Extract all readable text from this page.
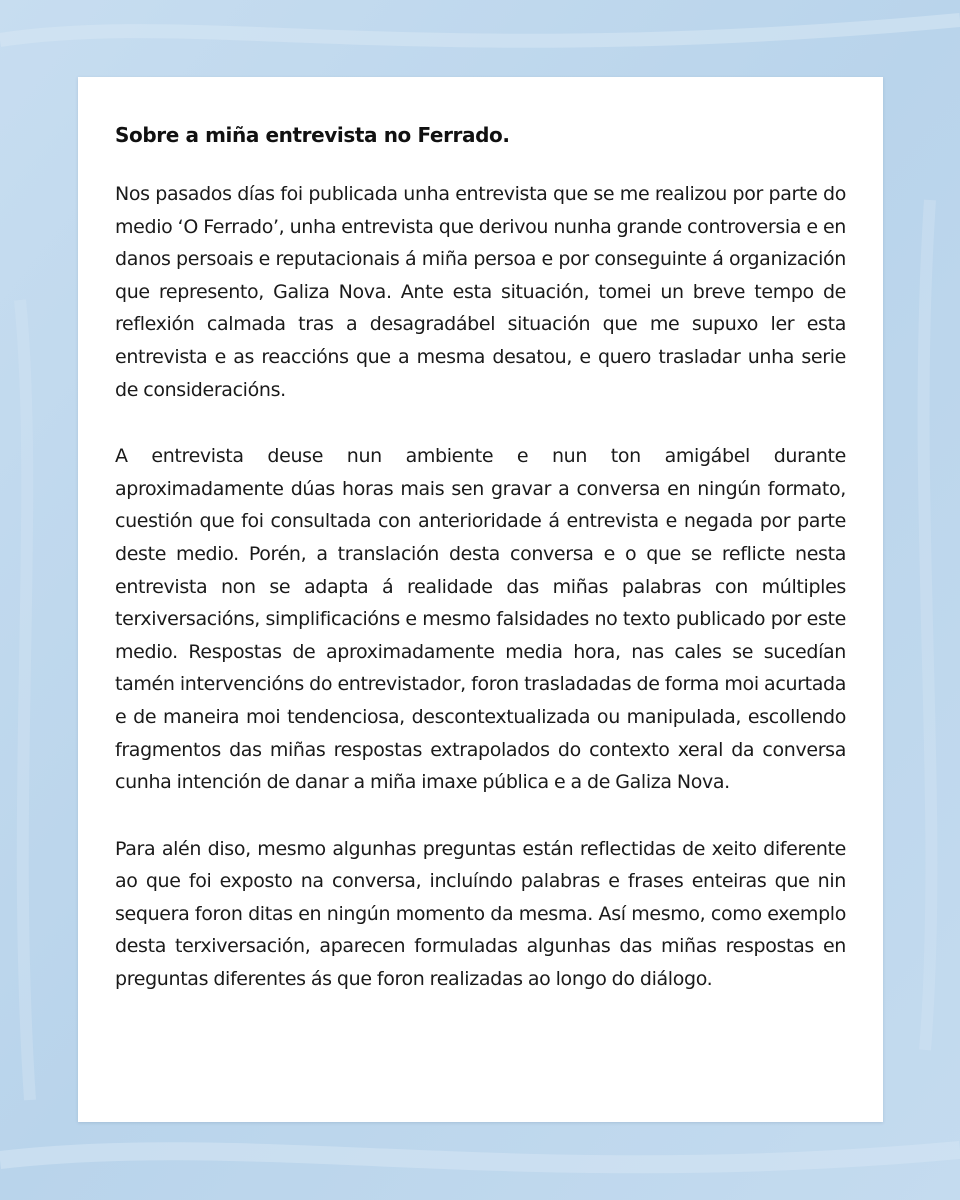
Sobre a miña entrevista no Ferrado.

Nos pasados días foi publicada unha entrevista que se me realizou por parte do medio ‘O Ferrado’, unha entrevista que derivou nunha grande controversia e en danos persoais e reputacionais á miña persoa e por conseguinte á organización que represento, Galiza Nova. Ante esta situación, tomei un breve tempo de reflexión calmada tras a desagradábel situación que me supuxo ler esta entrevista e as reaccións que a mesma desatou, e quero trasladar unha serie de consideracións.

A entrevista deuse nun ambiente e nun ton amigábel durante aproximadamente dúas horas mais sen gravar a conversa en ningún formato, cuestión que foi consultada con anterioridade á entrevista e negada por parte deste medio. Porén, a translación desta conversa e o que se reflicte nesta entrevista non se adapta á realidade das miñas palabras con múltiples terxiversacións, simplificacións e mesmo falsidades no texto publicado por este medio. Respostas de aproximadamente media hora, nas cales se sucedían tamén intervencións do entrevistador, foron trasladadas de forma moi acurtada e de maneira moi tendenciosa, descontextualizada ou manipulada, escollendo fragmentos das miñas respostas extrapolados do contexto xeral da conversa cunha intención de danar a miña imaxe pública e a de Galiza Nova.

Para alén diso, mesmo algunhas preguntas están reflectidas de xeito diferente ao que foi exposto na conversa, incluíndo palabras e frases enteiras que nin sequera foron ditas en ningún momento da mesma. Así mesmo, como exemplo desta terxiversación, aparecen formuladas algunhas das miñas respostas en preguntas diferentes ás que foron realizadas ao longo do diálogo.
